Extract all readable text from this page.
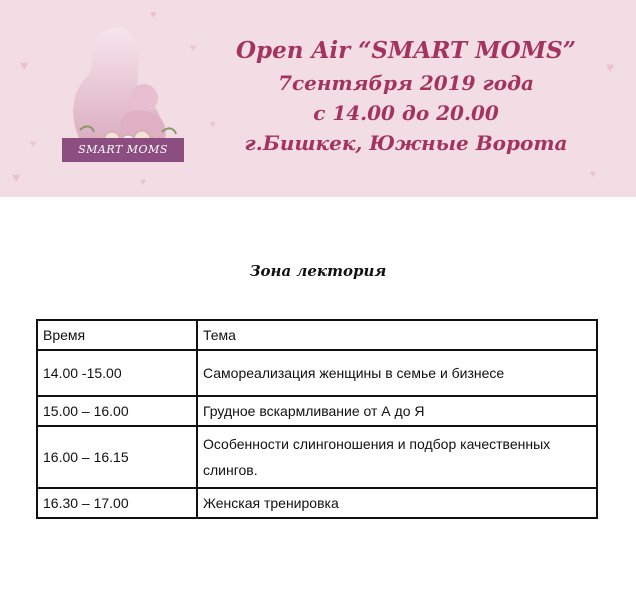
♥
♥
♥
♥
♥
♥
♥
♥
♥
SMART MOMS
Open Air “SMART MOMS”
7сентября 2019 года
с 14.00 до 20.00
г.Бишкек, Южные Ворота
Зона лектория
Время	Тема
14.00 -15.00	Самореализация женщины в семье и бизнесе
15.00 – 16.00	Грудное вскармливание от А до Я
16.00 – 16.15	Особенности слингоношения и подбор качественных слингов.
16.30 – 17.00	Женская тренировка
